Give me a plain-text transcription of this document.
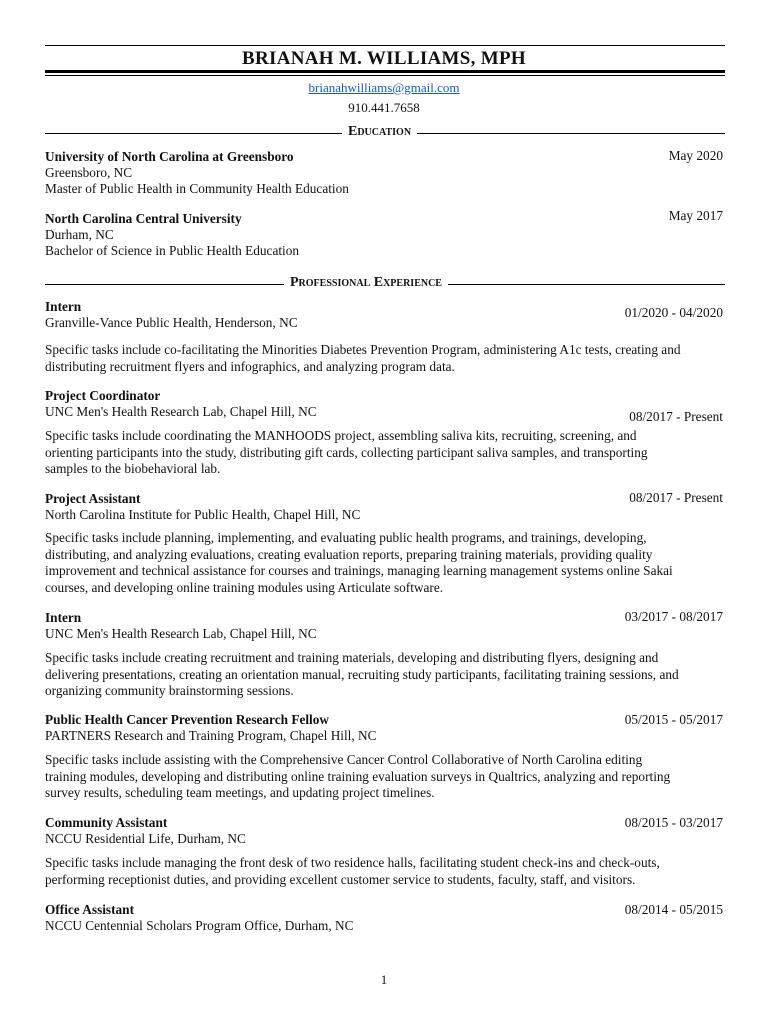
BRIANAH M. WILLIAMS, MPH
brianahwilliams@gmail.com
910.441.7658
Education
University of North Carolina at Greensboro	May 2020
Greensboro, NC
Master of Public Health in Community Health Education
North Carolina Central University	May 2017
Durham, NC
Bachelor of Science in Public Health Education
Professional Experience
Intern
Granville-Vance Public Health, Henderson, NC
01/2020 - 04/2020
Specific tasks include co-facilitating the Minorities Diabetes Prevention Program, administering A1c tests, creating and
distributing recruitment flyers and infographics, and analyzing program data.
Project Coordinator
UNC Men's Health Research Lab, Chapel Hill, NC	08/2017 - Present
Specific tasks include coordinating the MANHOODS project, assembling saliva kits, recruiting, screening, and
orienting participants into the study, distributing gift cards, collecting participant saliva samples, and transporting
samples to the biobehavioral lab.
Project Assistant
North Carolina Institute for Public Health, Chapel Hill, NC
08/2017 - Present
Specific tasks include planning, implementing, and evaluating public health programs, and trainings, developing,
distributing, and analyzing evaluations, creating evaluation reports, preparing training materials, providing quality
improvement and technical assistance for courses and trainings, managing learning management systems online Sakai
courses, and developing online training modules using Articulate software.
Intern
UNC Men's Health Research Lab, Chapel Hill, NC
03/2017 - 08/2017
Specific tasks include creating recruitment and training materials, developing and distributing flyers, designing and
delivering presentations, creating an orientation manual, recruiting study participants, facilitating training sessions, and
organizing community brainstorming sessions.
Public Health Cancer Prevention Research Fellow
PARTNERS Research and Training Program, Chapel Hill, NC
05/2015 - 05/2017
Specific tasks include assisting with the Comprehensive Cancer Control Collaborative of North Carolina editing
training modules, developing and distributing online training evaluation surveys in Qualtrics, analyzing and reporting
survey results, scheduling team meetings, and updating project timelines.
Community Assistant
NCCU Residential Life, Durham, NC
08/2015 - 03/2017
Specific tasks include managing the front desk of two residence halls, facilitating student check-ins and check-outs,
performing receptionist duties, and providing excellent customer service to students, faculty, staff, and visitors.
Office Assistant
NCCU Centennial Scholars Program Office, Durham, NC
08/2014 - 05/2015
1
